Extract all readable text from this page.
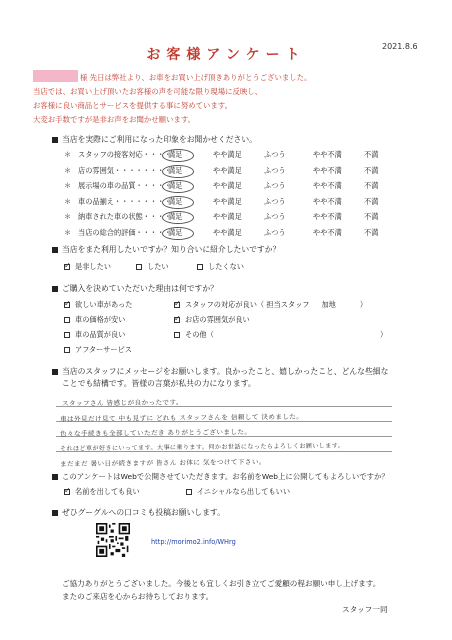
2021.8.6
お客様アンケート
様 先日は弊社より、お車をお買い上げ頂きありがとうございました。
当店では、お買い上げ頂いたお客様の声を可能な限り現場に反映し、
お客様に良い商品とサービスを提供する事に努めています。
大変お手数ですが是非お声をお聞かせ願います。
当店を実際にご利用になった印象をお聞かせください。
＊ スタッフの接客対応・・・・
満足	やや満足	ふつう	やや不満	不満
＊ 店の雰囲気・・・・・・・・
満足	やや満足	ふつう	やや不満	不満
＊ 展示場の車の品質・・・・・
満足	やや満足	ふつう	やや不満	不満
＊ 車の品揃え・・・・・・・・
満足	やや満足	ふつう	やや不満	不満
＊ 納車された車の状態・・・・
満足	やや満足	ふつう	やや不満	不満
＊ 当店の総合的評価・・・・・
満足	やや満足	ふつう	やや不満	不満
当店をまた利用したいですか？知り合いに紹介したいですか？
✓是非したい	したい	したくない
ご購入を決めていただいた理由は何ですか？
✓欲しい車があった ✓	スタッフの対応が良い（ 担当スタッフ 加地	）
車の価格が安い ✓	お店の雰囲気が良い
車の品質が良い	その他（	）
アフターサービス
当店のスタッフにメッセージをお願いします。良かったこと、嬉しかったこと、どんな些細な
ことでも結構です。皆様の言葉が私共の力になります。
スタッフさん 皆感じが良かったです。
車は外見だけ見て 中も見ずに どれも スタッフさんを 信頼して 決めました。
色々な手続きも全部していただき ありがとうございました。
それほど車が好きにいってます。大事に乗ります。何かお世話になったらよろしくお願いします。
まだまだ 暑い日が続きますが 皆さん お体に 気をつけて下さい。
このアンケートはWebで公開させていただきます。お名前をWeb上に公開してもよろしいですか？
✓名前を出しても良い	イニシャルなら出してもいい
ぜひグーグルへの口コミも投稿お願いします。
http://morimo2.info/WHrg
ご協力ありがとうございました。今後とも宜しくお引き立てご愛顧の程お願い申し上げます。
またのご来店を心からお待ちしております。
スタッフ一同
